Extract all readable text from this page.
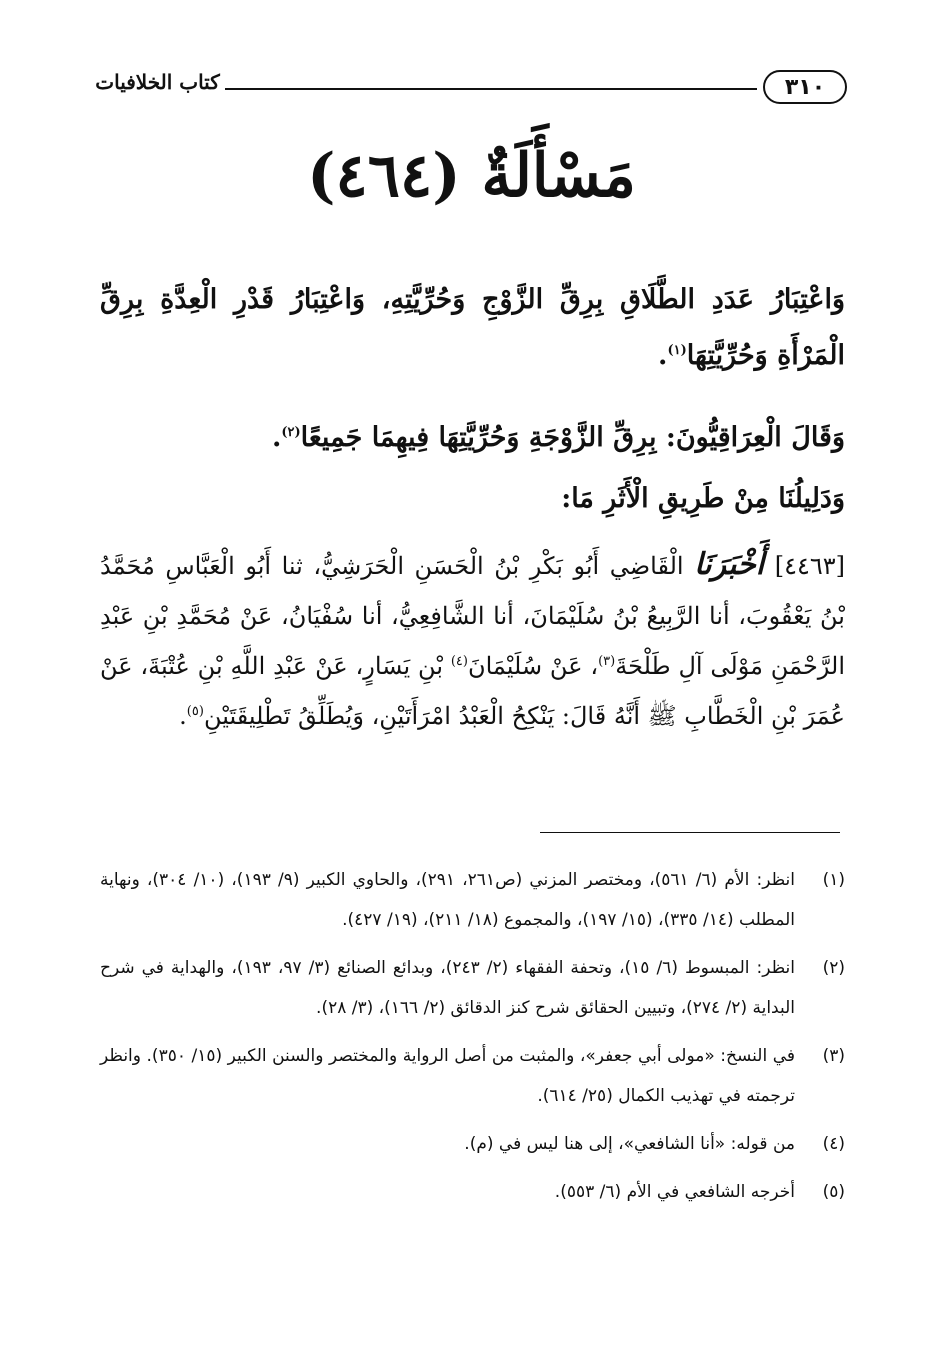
٣١٠
كتاب الخلافيات
مَسْأَلَةٌ (٤٦٤)
وَاعْتِبَارُ عَدَدِ الطَّلَاقِ بِرِقِّ الزَّوْجِ وَحُرِّيَّتِهِ، وَاعْتِبَارُ قَدْرِ الْعِدَّةِ بِرِقِّ الْمَرْأَةِ وَحُرِّيَّتِهَا$^{(١)}$.
وَقَالَ الْعِرَاقِيُّونَ: بِرِقِّ الزَّوْجَةِ وَحُرِّيَّتِهَا فِيهِمَا جَمِيعًا$^{(٢)}$.
وَدَلِيلُنَا مِنْ طَرِيقِ الْأَثَرِ مَا:
[٤٤٦٣] أَخْبَرَنَا الْقَاضِي أَبُو بَكْرِ بْنُ الْحَسَنِ الْحَرَشِيُّ، ثنا أَبُو الْعَبَّاسِ مُحَمَّدُ بْنُ يَعْقُوبَ، أنا الرَّبِيعُ بْنُ سُلَيْمَانَ، أنا الشَّافِعِيُّ، أنا سُفْيَانُ، عَنْ مُحَمَّدِ بْنِ عَبْدِ الرَّحْمَنِ مَوْلَى آلِ طَلْحَةَ$^{(٣)}$، عَنْ سُلَيْمَانَ$^{(٤)}$ بْنِ يَسَارٍ، عَنْ عَبْدِ اللَّهِ بْنِ عُتْبَةَ، عَنْ عُمَرَ بْنِ الْخَطَّابِ ﷺ أَنَّهُ قَالَ: يَنْكِحُ الْعَبْدُ امْرَأَتَيْنِ، وَيُطَلِّقُ تَطْلِيقَتَيْنِ$^{(٥)}$.
(١)
انظر: الأم (٦/ ٥٦١)، ومختصر المزني (ص٢٦١، ٢٩١)، والحاوي الكبير (٩/ ١٩٣)، (١٠/ ٣٠٤)، ونهاية المطلب (١٤/ ٣٣٥)، (١٥/ ١٩٧)، والمجموع (١٨/ ٢١١)، (١٩/ ٤٢٧).
(٢)
انظر: المبسوط (٦/ ١٥)، وتحفة الفقهاء (٢/ ٢٤٣)، وبدائع الصنائع (٣/ ٩٧، ١٩٣)، والهداية في شرح البداية (٢/ ٢٧٤)، وتبيين الحقائق شرح كنز الدقائق (٢/ ١٦٦)، (٣/ ٢٨).
(٣)
في النسخ: «مولى أبي جعفر»، والمثبت من أصل الرواية والمختصر والسنن الكبير (١٥/ ٣٥٠). وانظر ترجمته في تهذيب الكمال (٢٥/ ٦١٤).
(٤)
من قوله: «أنا الشافعي»، إلى هنا ليس في (م).
(٥)
أخرجه الشافعي في الأم (٦/ ٥٥٣).
